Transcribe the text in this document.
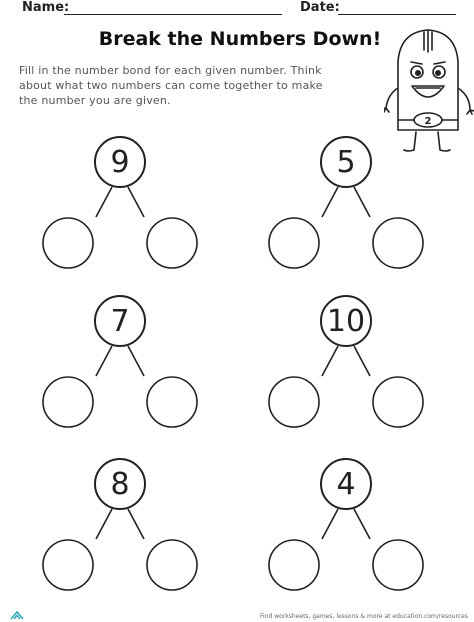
Name:	Date:
Break the Numbers Down!
Fill in the number bond for each given number. Think
about what two numbers can come together to make
the number you are given.
2
9	5
7	10
8	4
Find worksheets, games, lessons & more at education.com/resources
